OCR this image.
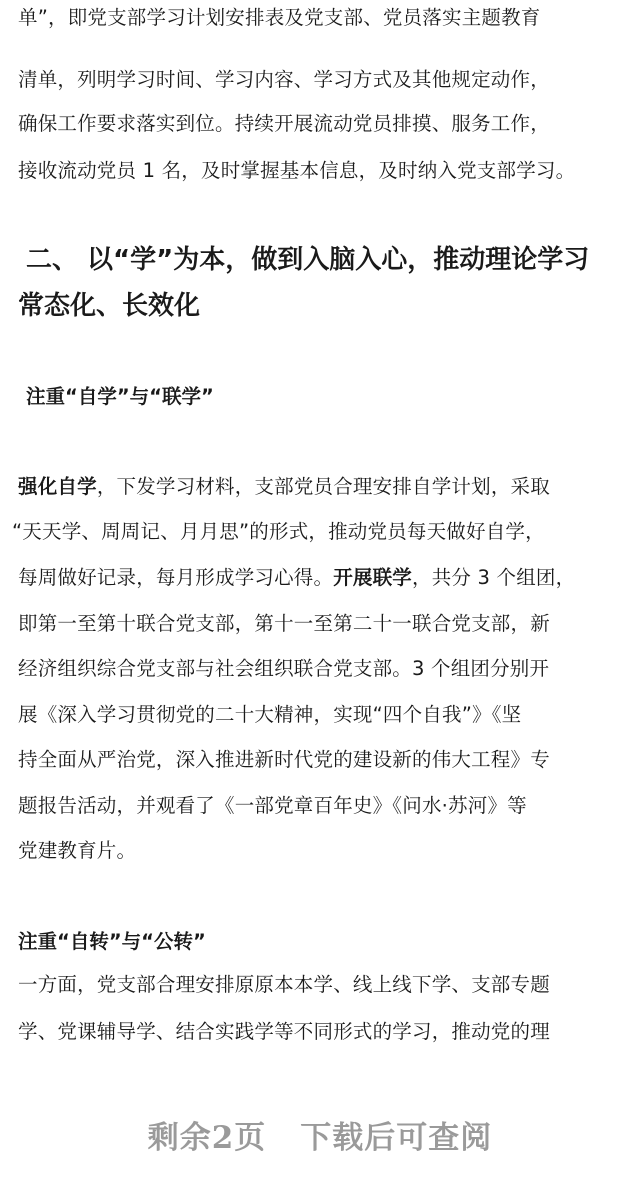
单”，即党支部学习计划安排表及党支部、党员落实主题教育
清单，列明学习时间、学习内容、学习方式及其他规定动作，
确保工作要求落实到位。持续开展流动党员排摸、服务工作，
接收流动党员 1 名，及时掌握基本信息，及时纳入党支部学习。
二、 以“学”为本，做到入脑入心，推动理论学习
常态化、长效化
注重“自学”与“联学”
强化自学，下发学习材料，支部党员合理安排自学计划，采取
“天天学、周周记、月月思”的形式，推动党员每天做好自学，
每周做好记录，每月形成学习心得。开展联学，共分 3 个组团，
即第一至第十联合党支部，第十一至第二十一联合党支部，新
经济组织综合党支部与社会组织联合党支部。3 个组团分别开
展《深入学习贯彻党的二十大精神，实现“四个自我”》《坚
持全面从严治党，深入推进新时代党的建设新的伟大工程》专
题报告活动，并观看了《一部党章百年史》《问水·苏河》等
党建教育片。
注重“自转”与“公转”
一方面，党支部合理安排原原本本学、线上线下学、支部专题
学、党课辅导学、结合实践学等不同形式的学习，推动党的理
剩余2页 下载后可查阅
